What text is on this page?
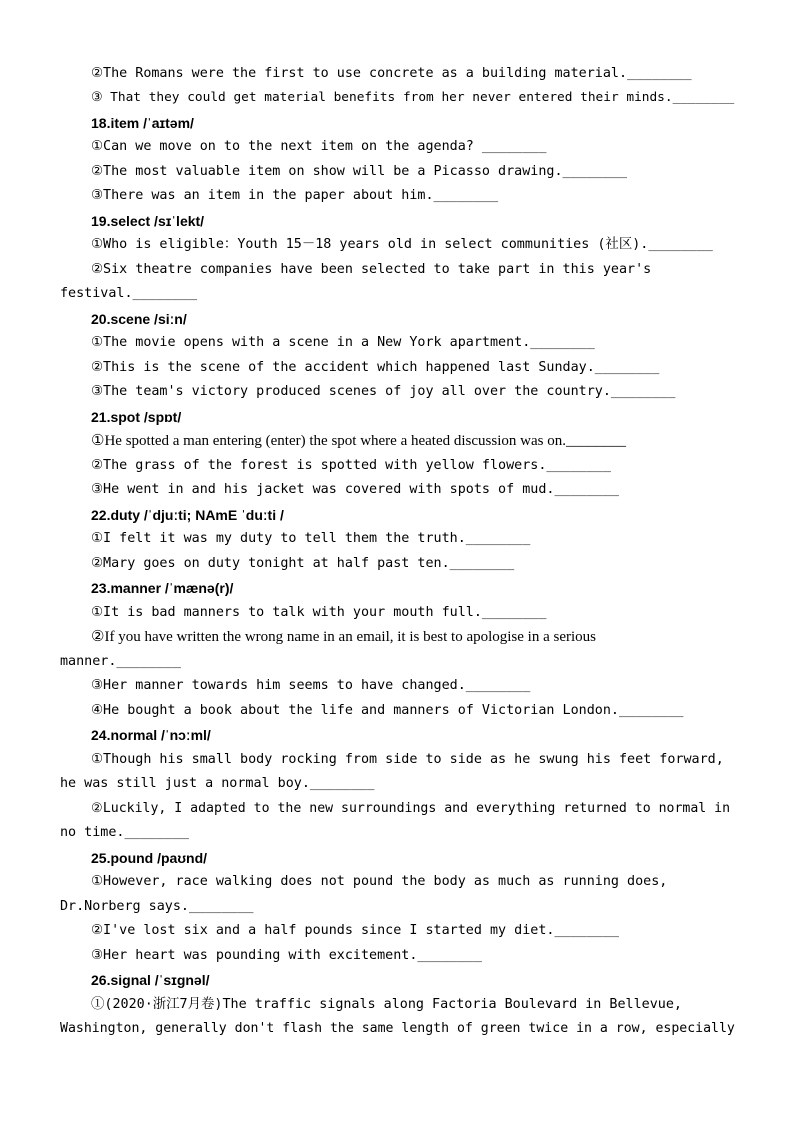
②The Romans were the first to use concrete as a building material.________
③ That they could get material benefits from her never entered their minds.________
18.item /ˈaɪtəm/
①Can we move on to the next item on the agenda? ________
②The most valuable item on show will be a Picasso drawing.________
③There was an item in the paper about him.________
19.select /sɪˈlekt/
①Who is eligible：Youth 15－18 years old in select communities (社区).________
②Six theatre companies have been selected to take part in this year's
festival.________
20.scene /siːn/
①The movie opens with a scene in a New York apartment.________
②This is the scene of the accident which happened last Sunday.________
③The team's victory produced scenes of joy all over the country.________
21.spot /spɒt/
①He spotted a man entering (enter) the spot where a heated discussion was on.________
②The grass of the forest is spotted with yellow flowers.________
③He went in and his jacket was covered with spots of mud.________
22.duty /ˈdjuːti; NAmE ˈduːti /
①I felt it was my duty to tell them the truth.________
②Mary goes on duty tonight at half past ten.________
23.manner /ˈmænə(r)/
①It is bad manners to talk with your mouth full.________
②If you have written the wrong name in an email, it is best to apologise in a serious
manner.________
③Her manner towards him seems to have changed.________
④He bought a book about the life and manners of Victorian London.________
24.normal /ˈnɔːml/
①Though his small body rocking from side to side as he swung his feet forward,
he was still just a normal boy.________
②Luckily, I adapted to the new surroundings and everything returned to normal in
no time.________
25.pound /paʊnd/
①However, race walking does not pound the body as much as running does,
Dr.Norberg says.________
②I've lost six and a half pounds since I started my diet.________
③Her heart was pounding with excitement.________
26.signal /ˈsɪɡnəl/
①(2020·浙江7月卷)The traffic signals along Factoria Boulevard in Bellevue,
Washington, generally don't flash the same length of green twice in a row, especially
